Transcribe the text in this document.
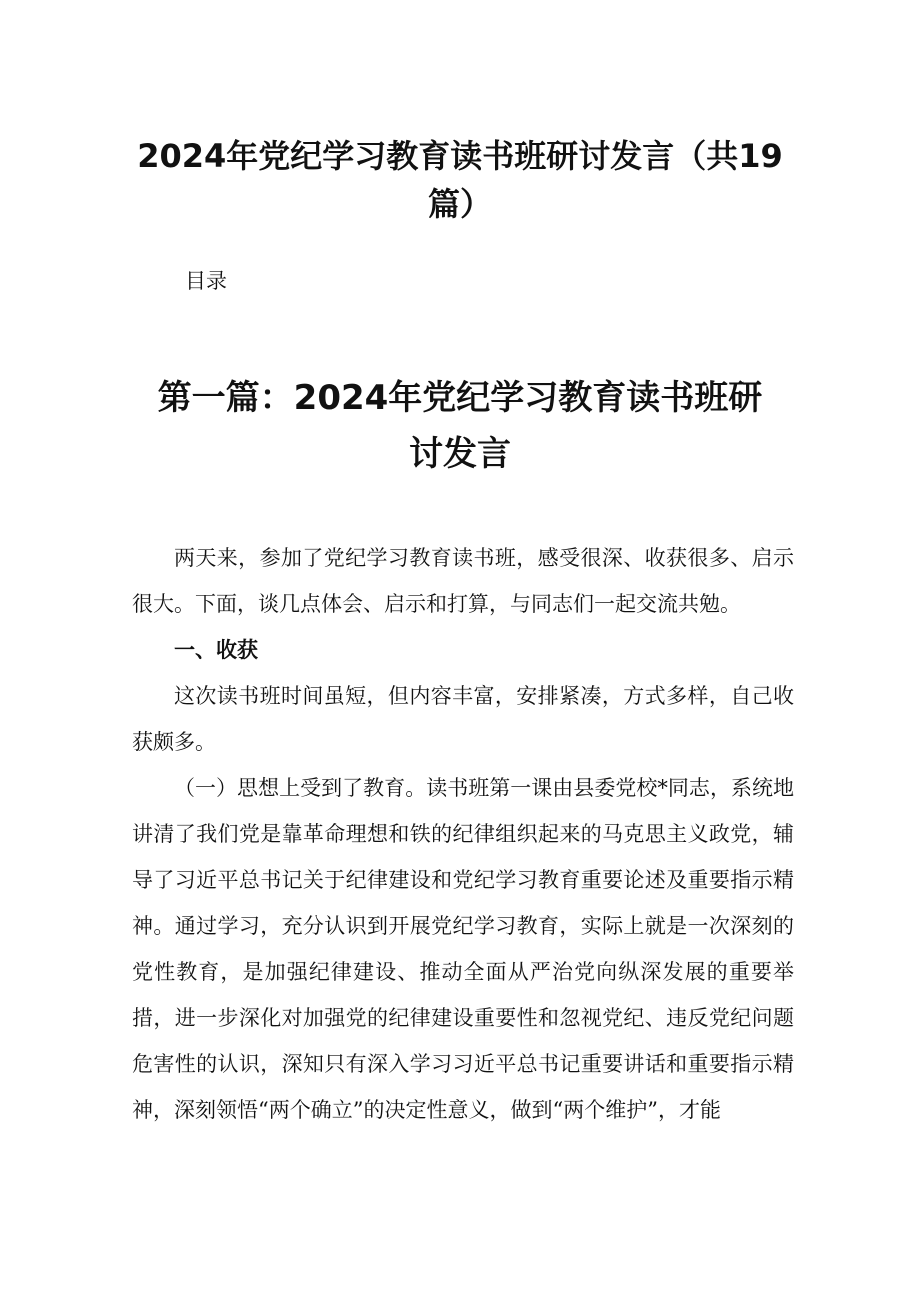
2024年党纪学习教育读书班研讨发言（共19篇）

目录

第一篇：2024年党纪学习教育读书班研讨发言

两天来，参加了党纪学习教育读书班，感受很深、收获很多、启示很大。下面，谈几点体会、启示和打算，与同志们一起交流共勉。

一、收获

这次读书班时间虽短，但内容丰富，安排紧凑，方式多样，自己收获颇多。

（一）思想上受到了教育。读书班第一课由县委党校*同志，系统地讲清了我们党是靠革命理想和铁的纪律组织起来的马克思主义政党，辅导了习近平总书记关于纪律建设和党纪学习教育重要论述及重要指示精神。通过学习，充分认识到开展党纪学习教育，实际上就是一次深刻的党性教育，是加强纪律建设、推动全面从严治党向纵深发展的重要举措，进一步深化对加强党的纪律建设重要性和忽视党纪、违反党纪问题危害性的认识，深知只有深入学习习近平总书记重要讲话和重要指示精神，深刻领悟“两个确立”的决定性意义，做到“两个维护”，才能
